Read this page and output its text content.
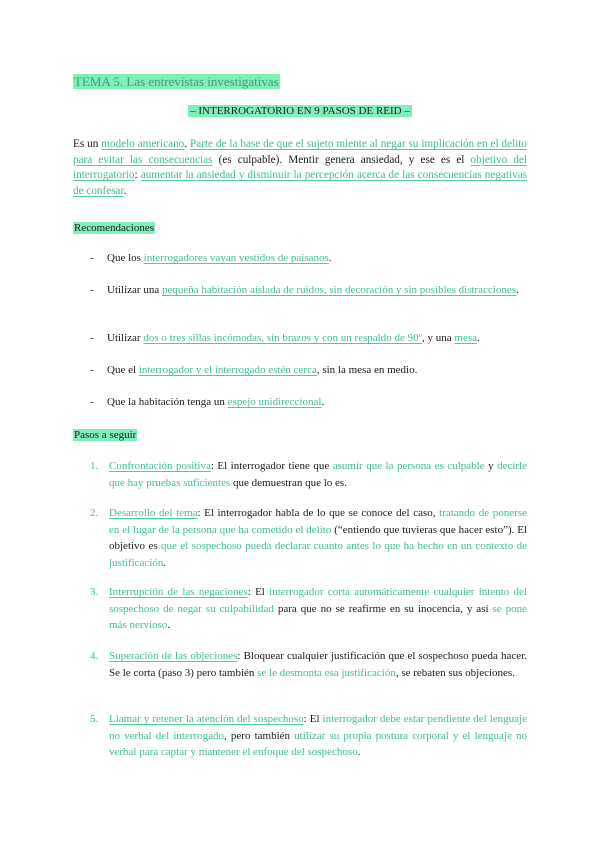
TEMA 5. Las entrevistas investigativas
– INTERROGATORIO EN 9 PASOS DE REID –
Es un modelo americano. Parte de la base de que el sujeto miente al negar su implicación en el delito para evitar las consecuencias (es culpable). Mentir genera ansiedad, y ese es el objetivo del interrogatorio: aumentar la ansiedad y disminuir la percepción acerca de las consecuencias negativas de confesar.
Recomendaciones
- Que los interrogadores vayan vestidos de paisanos.
- Utilizar una pequeña habitación aislada de ruidos, sin decoración y sin posibles distracciones.
- Utilizar dos o tres sillas incómodas, sin brazos y con un respaldo de 90º, y una mesa.
- Que el interrogador y el interrogado estén cerca, sin la mesa en medio.
- Que la habitación tenga un espejo unidireccional.
Pasos a seguir
1. Confrontación positiva: El interrogador tiene que asumir que la persona es culpable y decirle que hay pruebas suficientes que demuestran que lo es.
2. Desarrollo del tema: El interrogador habla de lo que se conoce del caso, tratando de ponerse en el lugar de la persona que ha cometido el delito (“entiendo que tuvieras que hacer esto”). El objetivo es que el sospechoso pueda declarar cuanto antes lo que ha hecho en un contexto de justificación.
3. Interrupción de las negaciones: El interrogador corta automáticamente cualquier intento del sospechoso de negar su culpabilidad para que no se reafirme en su inocencia, y así se pone más nervioso.
4. Superación de las objeciones: Bloquear cualquier justificación que el sospechoso pueda hacer. Se le corta (paso 3) pero también se le desmonta esa justificación, se rebaten sus objeciones.
5. Llamar y retener la atención del sospechoso: El interrogador debe estar pendiente del lenguaje no verbal del interrogado, pero también utilizar su propia postura corporal y el lenguaje no verbal para captar y mantener el enfoque del sospechoso.
